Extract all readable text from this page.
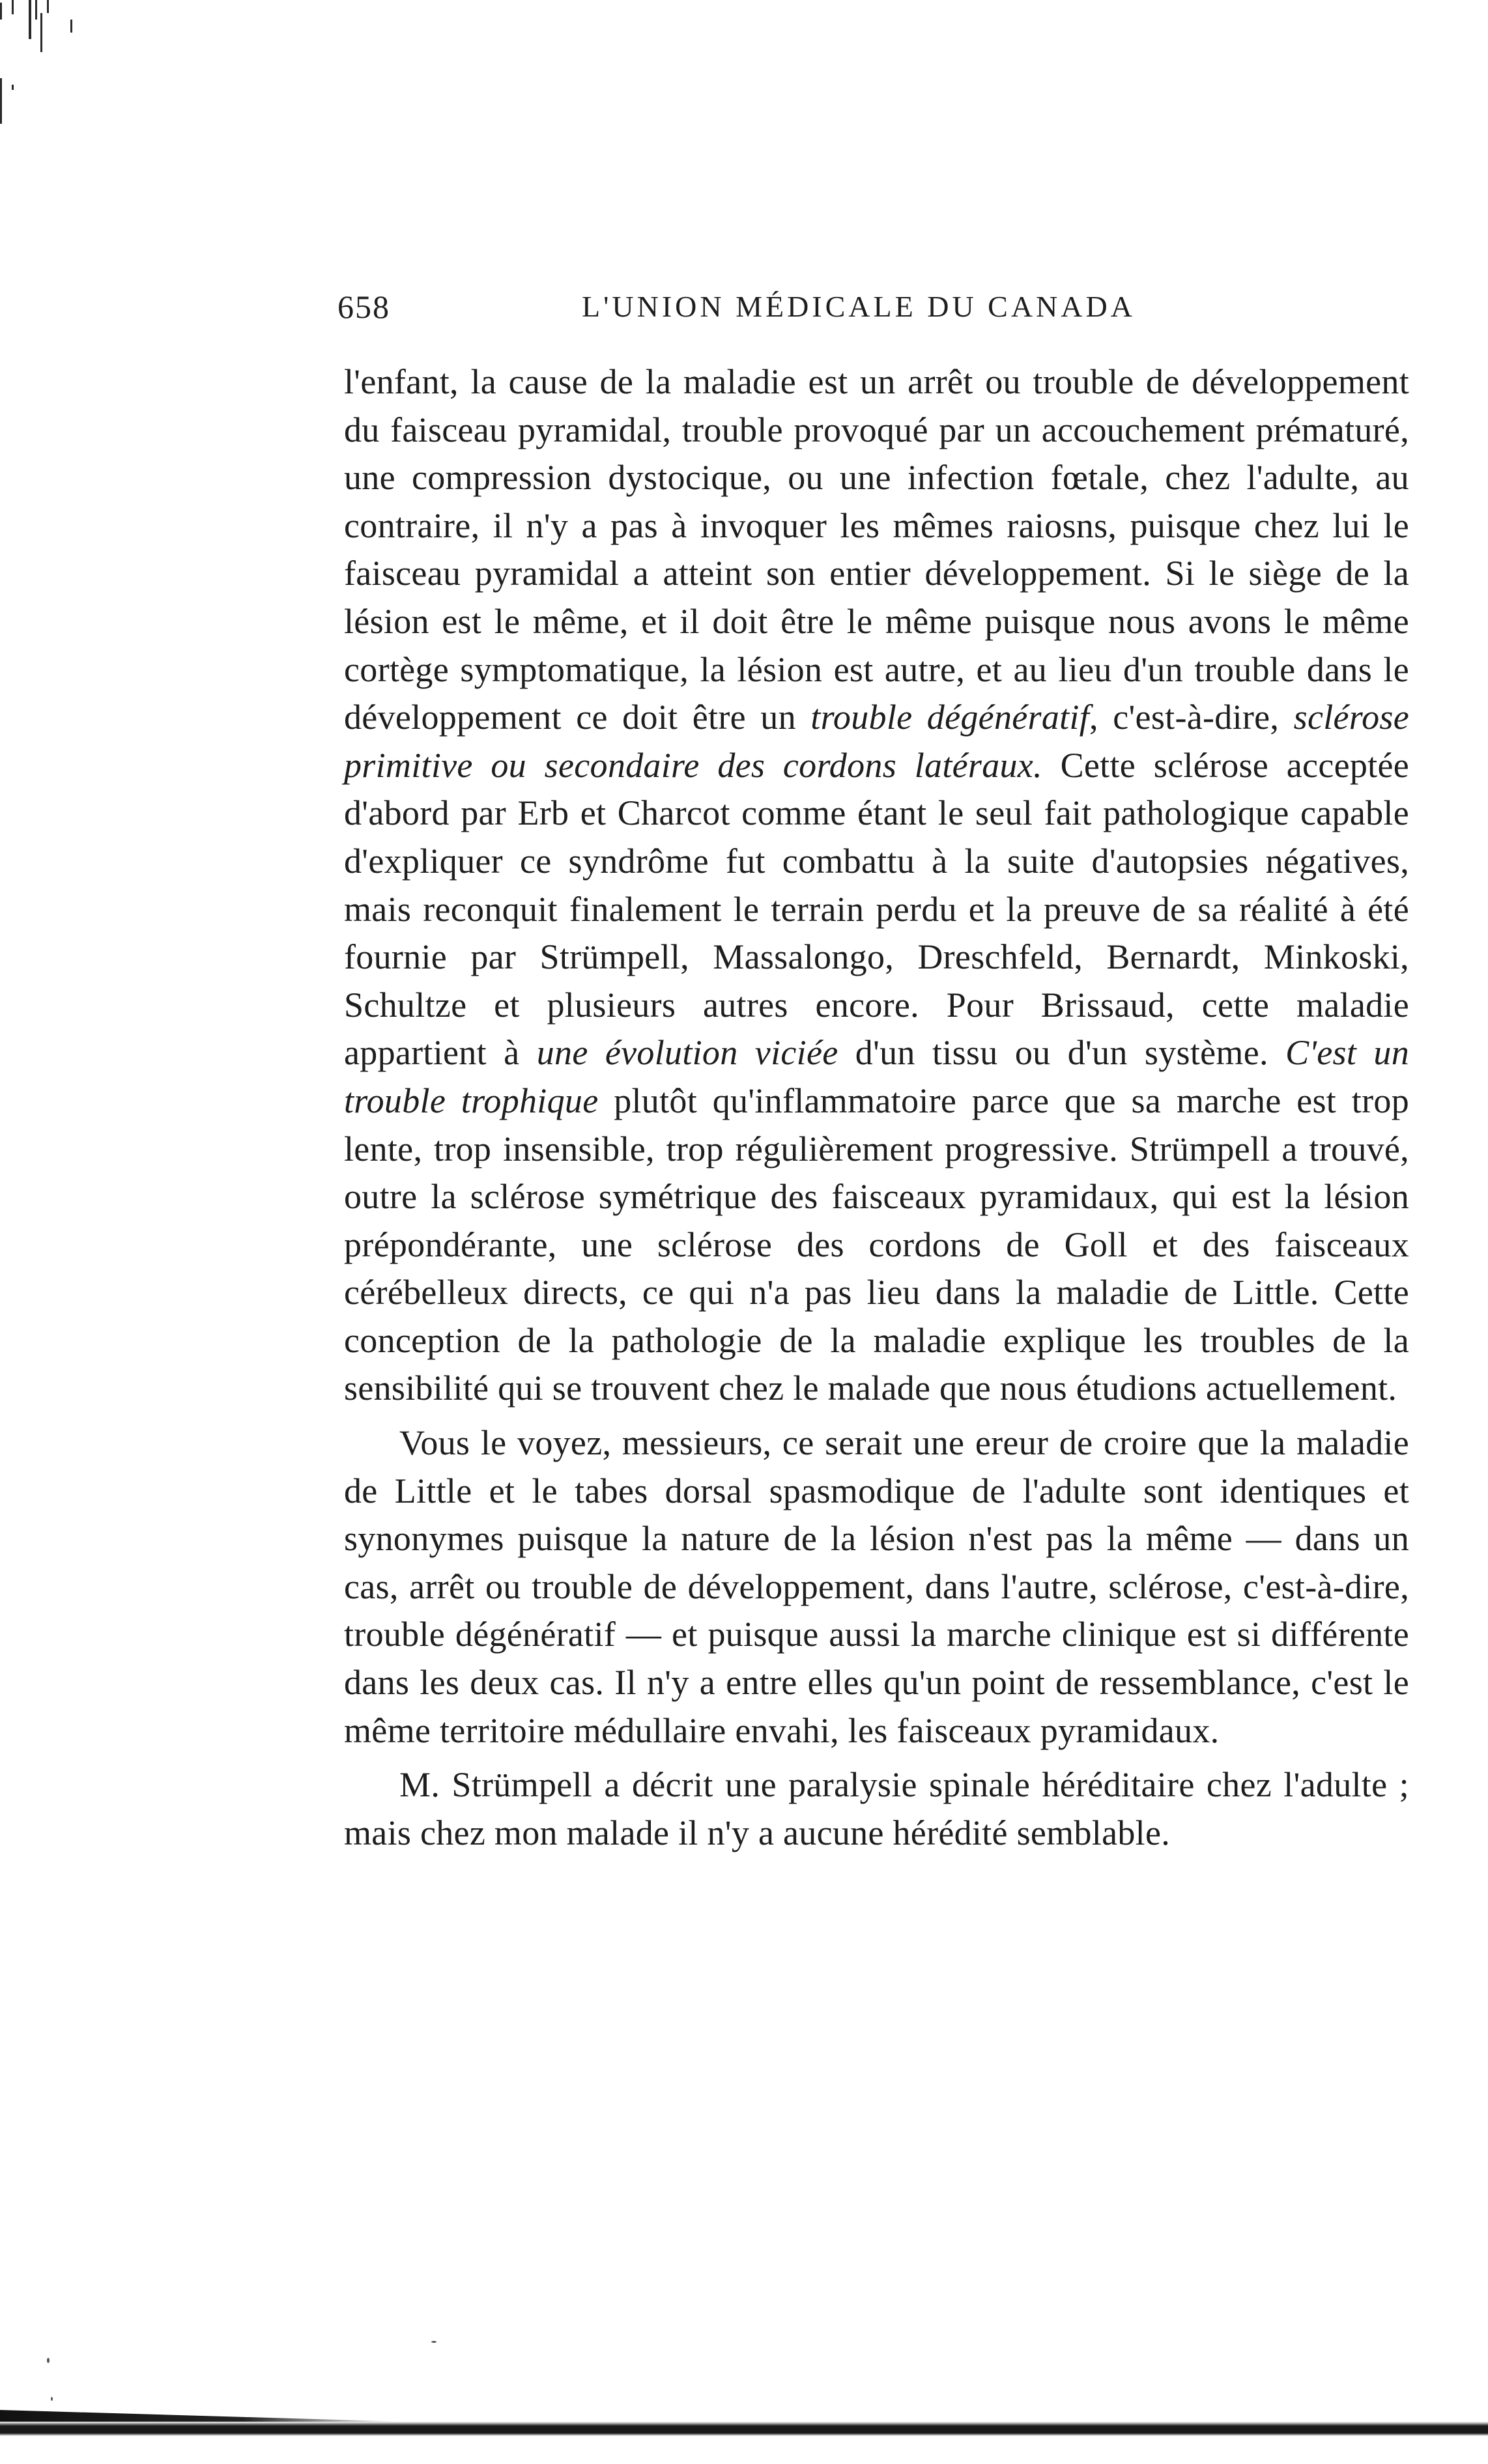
658	L'UNION MÉDICALE DU CANADA

l'enfant, la cause de la maladie est un arrêt ou trouble de développement du faisceau pyramidal, trouble provoqué par un accouchement prématuré, une compression dystocique, ou une infection fœtale, chez l'adulte, au contraire, il n'y a pas à invoquer les mêmes raiosns, puisque chez lui le faisceau pyramidal a atteint son entier développement. Si le siège de la lésion est le même, et il doit être le même puisque nous avons le même cortège symptomatique, la lésion est autre, et au lieu d'un trouble dans le développement ce doit être un trouble dégénératif, c'est-à-dire, sclérose primitive ou secondaire des cordons latéraux. Cette sclérose acceptée d'abord par Erb et Charcot comme étant le seul fait pathologique capable d'expliquer ce syndrôme fut combattu à la suite d'autopsies négatives, mais reconquit finalement le terrain perdu et la preuve de sa réalité à été fournie par Strümpell, Massalongo, Dreschfeld, Bernardt, Minkoski, Schultze et plusieurs autres encore. Pour Brissaud, cette maladie appartient à une évolution viciée d'un tissu ou d'un système. C'est un trouble trophique plutôt qu'inflammatoire parce que sa marche est trop lente, trop insensible, trop régulièrement progressive. Strümpell a trouvé, outre la sclérose symétrique des faisceaux pyramidaux, qui est la lésion prépondérante, une sclérose des cordons de Goll et des faisceaux cérébelleux directs, ce qui n'a pas lieu dans la maladie de Little. Cette conception de la pathologie de la maladie explique les troubles de la sensibilité qui se trouvent chez le malade que nous étudions actuellement.

Vous le voyez, messieurs, ce serait une ereur de croire que la maladie de Little et le tabes dorsal spasmodique de l'adulte sont identiques et synonymes puisque la nature de la lésion n'est pas la même — dans un cas, arrêt ou trouble de développement, dans l'autre, sclérose, c'est-à-dire, trouble dégénératif — et puisque aussi la marche clinique est si différente dans les deux cas. Il n'y a entre elles qu'un point de ressemblance, c'est le même territoire médullaire envahi, les faisceaux pyramidaux.

M. Strümpell a décrit une paralysie spinale héréditaire chez l'adulte ; mais chez mon malade il n'y a aucune hérédité semblable.
